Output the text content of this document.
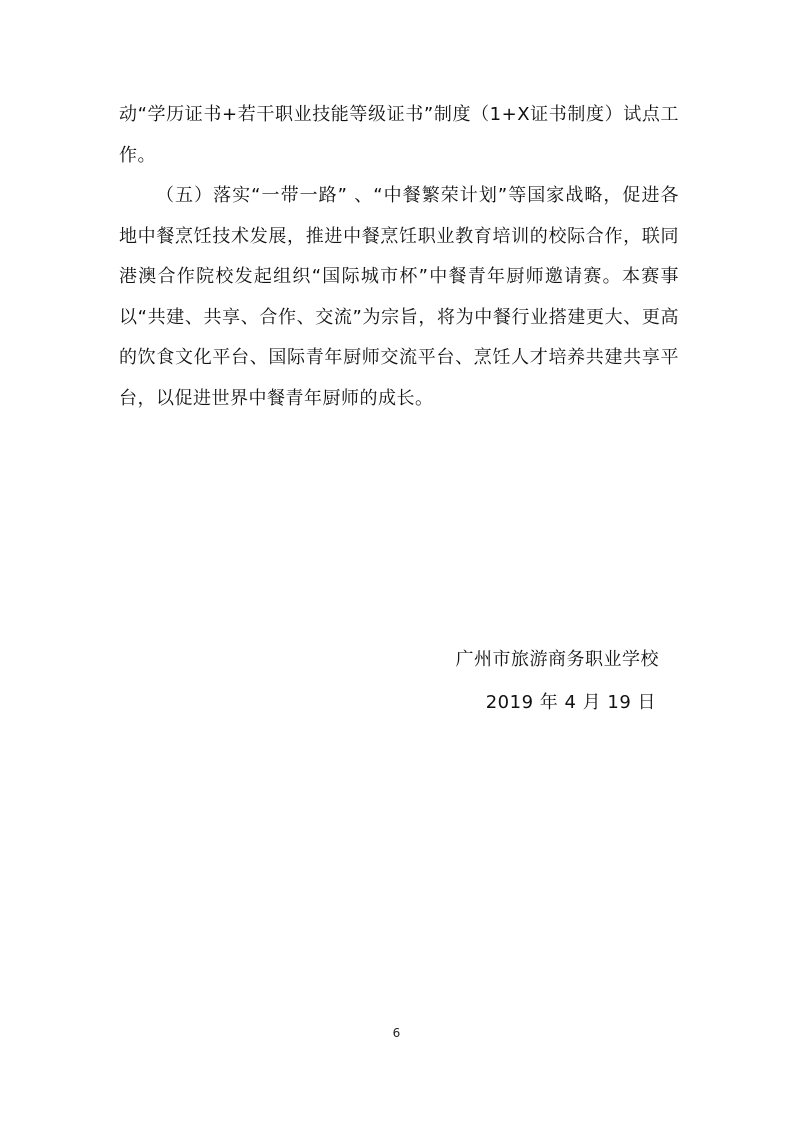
动“学历证书+若干职业技能等级证书”制度（1+X证书制度）试点工作。

（五）落实“一带一路” 、“中餐繁荣计划”等国家战略，促进各地中餐烹饪技术发展，推进中餐烹饪职业教育培训的校际合作，联同港澳合作院校发起组织“国际城市杯”中餐青年厨师邀请赛。本赛事以“共建、共享、合作、交流”为宗旨，将为中餐行业搭建更大、更高的饮食文化平台、国际青年厨师交流平台、烹饪人才培养共建共享平台，以促进世界中餐青年厨师的成长。

广州市旅游商务职业学校
2019 年 4 月 19 日
6
